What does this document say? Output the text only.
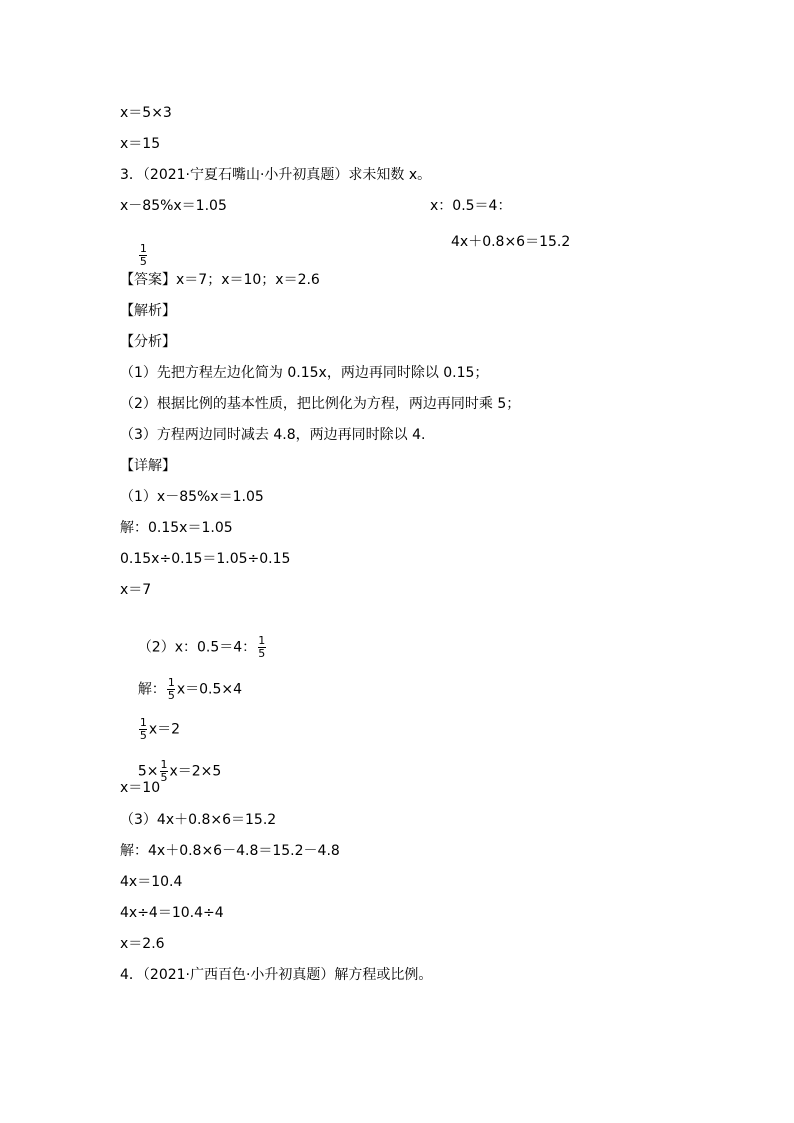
x＝5×3
x＝15
3．（2021·宁夏石嘴山·小升初真题）求未知数 x。
x－85%x＝1.05	x：0.5＝4：

$\frac{1}{5}$

4x＋0.8×6＝15.2
【答案】x＝7；x＝10；x＝2.6
【解析】
【分析】
（1）先把方程左边化简为 0.15x，两边再同时除以 0.15；
（2）根据比例的基本性质，把比例化为方程，两边再同时乘 5；
（3）方程两边同时减去 4.8，两边再同时除以 4.
【详解】
（1）x－85%x＝1.05
解：0.15x＝1.05
0.15x÷0.15＝1.05÷0.15
x＝7

（2）x：0.5＝4： $\frac{1}{5}$

解： $\frac{1}{5} x=0.5\times 4$

$\frac{1}{5} x=2$

$5\times \frac{1}{5} x=2\times 5$

x＝10
（3）4x＋0.8×6＝15.2
解：4x＋0.8×6－4.8＝15.2－4.8
4x＝10.4
4x÷4＝10.4÷4
x＝2.6
4．（2021·广西百色·小升初真题）解方程或比例。
